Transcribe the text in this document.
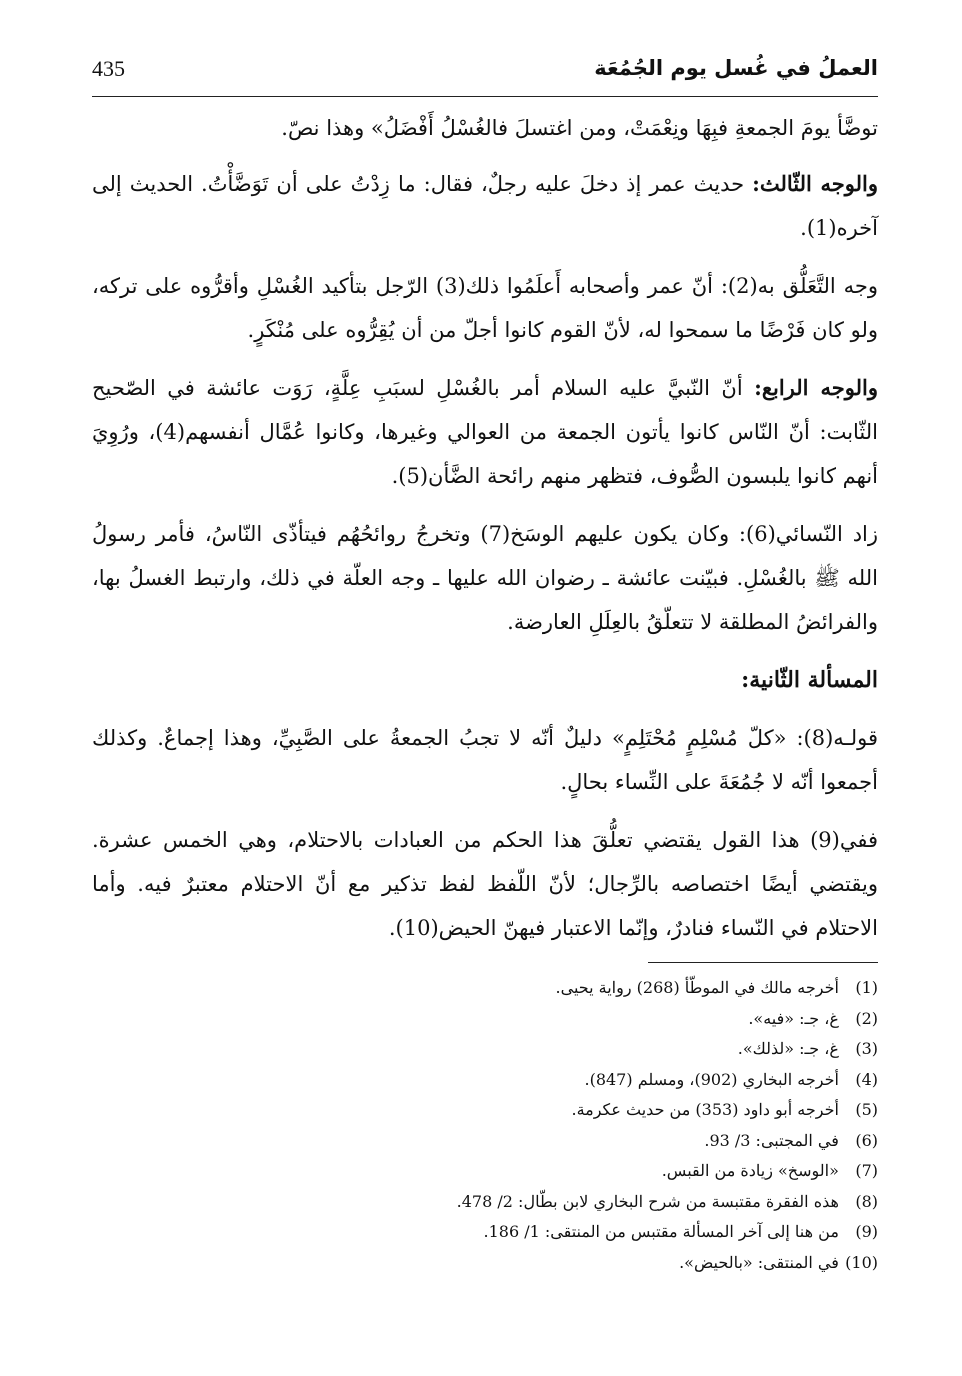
العملُ في غُسل يوم الجُمُعَة
435

توضَّأ يومَ الجمعةِ فبِهَا ونِعْمَتْ، ومن اغتسلَ فالغُسْلُ أَفْضَلُ» وهذا نصّ.

والوجه الثّالث: حديث عمر إذ دخلَ عليه رجلٌ، فقال: ما زِدْتُ على أن تَوَضَّأْتُ. الحديث إلى آخره(1).

وجه التَّعَلُّق به(2): أنّ عمر وأصحابه أَعلَمُوا ذلك(3) الرّجل بتأكيد الغُسْلِ وأقرُّوه على تركه، ولو كان فَرْضًا ما سمحوا له، لأنّ القوم كانوا أجلّ من أن يُقِرُّوه على مُنْكَرٍ.

والوجه الرابع: أنّ النّبيَّ عليه السلام أمر بالغُسْلِ لسبَبِ عِلَّةٍ، رَوَت عائشة في الصّحيح الثّابت: أنّ النّاس كانوا يأتون الجمعة من العوالي وغيرها، وكانوا عُمَّال أنفسهم(4)، ورُوِيَ أنهم كانوا يلبسون الصُّوف، فتظهر منهم رائحة الضَّأن(5).

زاد النّسائي(6): وكان يكون عليهم الوسَخ(7) وتخرجُ روائحُهُم فيتأذّى النّاسُ، فأمر رسولُ الله ﷺ بالغُسْلِ. فبيّنت عائشة ـ رضوان الله عليها ـ وجه العلّة في ذلك، وارتبط الغسلُ بها، والفرائضُ المطلقة لا تتعلّقُ بالعِلَلِ العارضة.

المسألة الثّانية:

قولـه(8): «كلّ مُسْلِمٍ مُحْتَلِمٍ» دليلٌ أنّه لا تجبُ الجمعةُ على الصَّبِيِّ، وهذا إجماعٌ. وكذلك أجمعوا أنّه لا جُمُعَةَ على النِّساء بحالٍ.

ففي(9) هذا القول يقتضي تعلُّقَ هذا الحكم من العبادات بالاحتلام، وهي الخمس عشرة. ويقتضي أيضًا اختصاصه بالرِّجال؛ لأنّ اللّفظ لفظ تذكير مع أنّ الاحتلام معتبرٌ فيه. وأما الاحتلام في النّساء فنادرٌ، وإنّما الاعتبار فيهنّ الحيض(10).

(1) أخرجه مالك في الموطّأ (268) رواية يحيى.
(2) غ، جـ: «فيه».
(3) غ، جـ: «لذلك».
(4) أخرجه البخاري (902)، ومسلم (847).
(5) أخرجه أبو داود (353) من حديث عكرمة.
(6) في المجتبى: 3/ 93.
(7) «الوسخ» زيادة من القبس.
(8) هذه الفقرة مقتبسة من شرح البخاري لابن بطّال: 2/ 478.
(9) من هنا إلى آخر المسألة مقتبس من المنتقى: 1/ 186.
(10) في المنتقى: «بالحيض».
